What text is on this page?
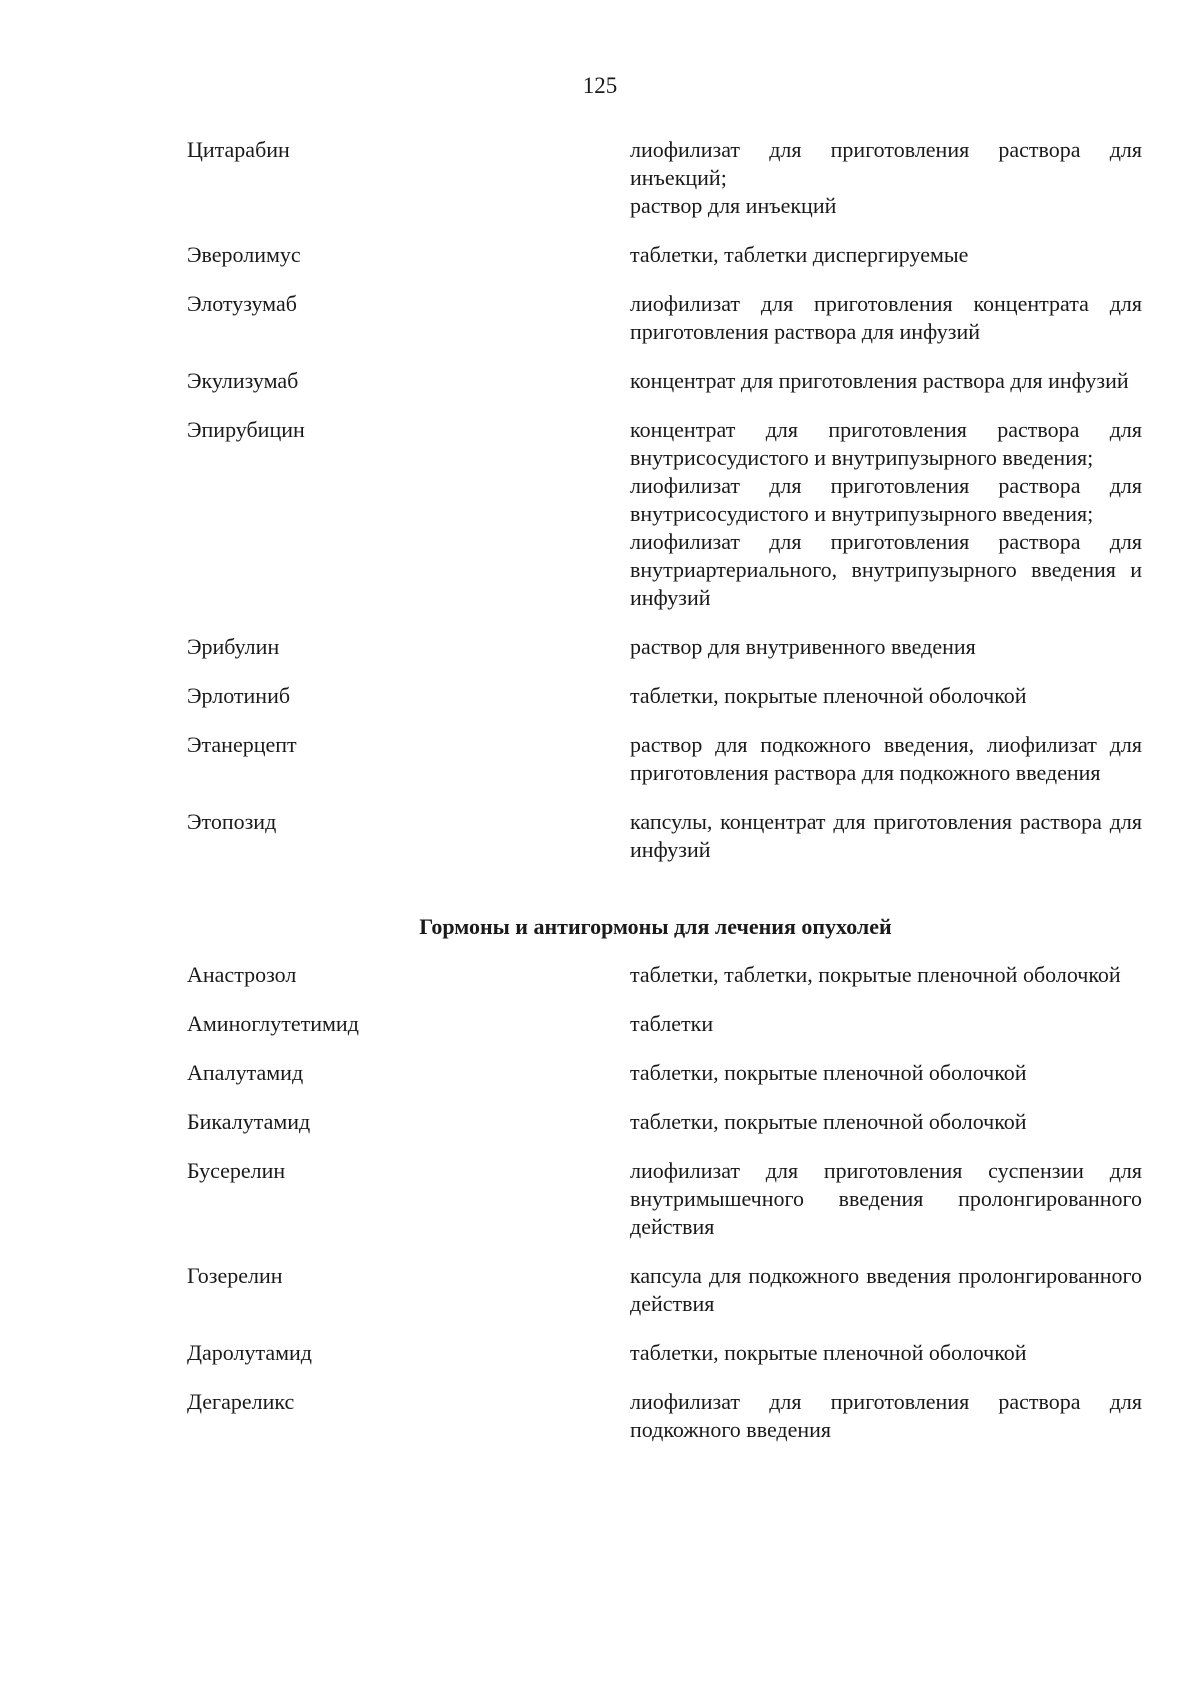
125
Цитарабин	лиофилизат для приготовления раствора для инъекций;
раствор для инъекций
Эверолимус	таблетки, таблетки диспергируемые
Элотузумаб	лиофилизат для приготовления концентрата для приготовления раствора для инфузий
Экулизумаб	концентрат для приготовления раствора для инфузий
Эпирубицин	концентрат для приготовления раствора для внутрисосудистого и внутрипузырного введения;
лиофилизат для приготовления раствора для внутрисосудистого и внутрипузырного введения;
лиофилизат для приготовления раствора для внутриартериального, внутрипузырного введения и инфузий
Эрибулин	раствор для внутривенного введения
Эрлотиниб	таблетки, покрытые пленочной оболочкой
Этанерцепт	раствор для подкожного введения, лиофилизат для приготовления раствора для подкожного введения
Этопозид	капсулы, концентрат для приготовления раствора для инфузий
Гормоны и антигормоны для лечения опухолей
Анастрозол	таблетки, таблетки, покрытые пленочной оболочкой
Аминоглутетимид	таблетки
Апалутамид	таблетки, покрытые пленочной оболочкой
Бикалутамид	таблетки, покрытые пленочной оболочкой
Бусерелин	лиофилизат для приготовления суспензии для внутримышечного введения пролонгированного действия
Гозерелин	капсула для подкожного введения пролонгированного действия
Даролутамид	таблетки, покрытые пленочной оболочкой
Дегареликс	лиофилизат для приготовления раствора для подкожного введения
